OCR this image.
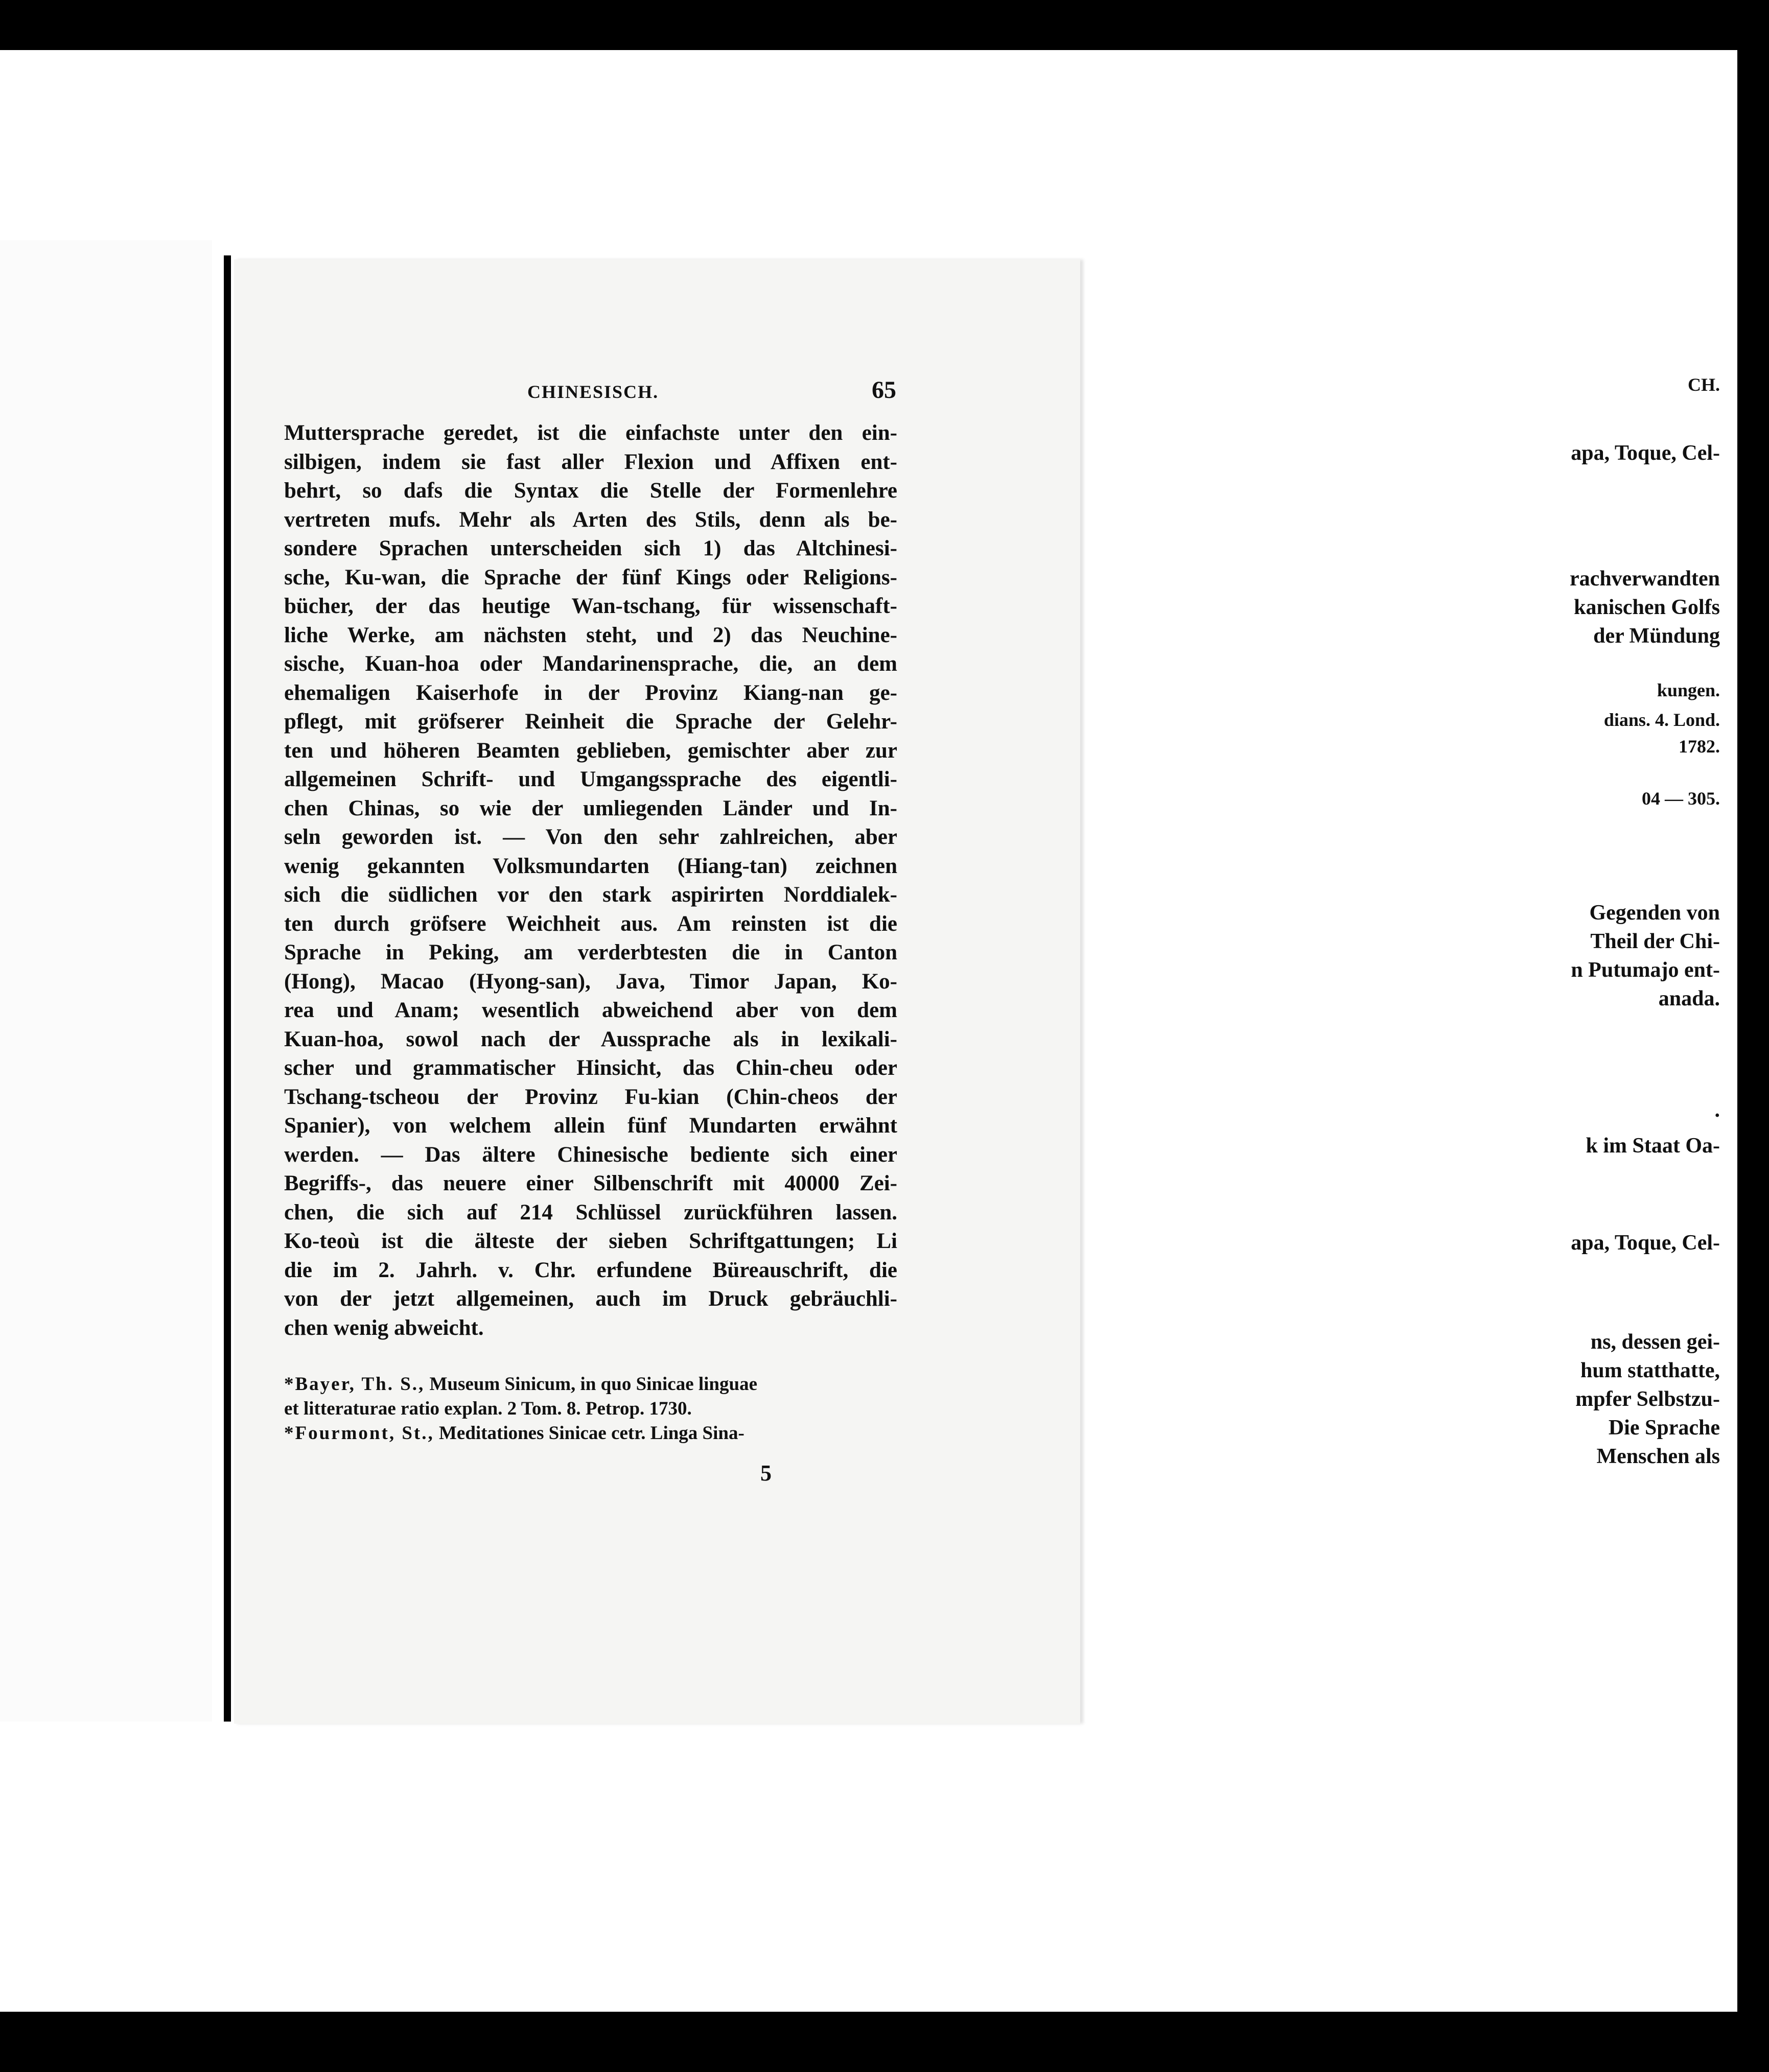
CH.
apa, Toque, Cel-
rachverwandten
kanischen Golfs
der Mündung
kungen.
dians. 4. Lond.
1782.
04 — 305.
Gegenden von
Theil der Chi-
n Putumajo ent-
anada.
.
k im Staat Oa-
apa, Toque, Cel-
ns, dessen gei-
hum statthatte,
mpfer Selbstzu-
Die Sprache
Menschen als
CHINESISCH.	65
Muttersprache geredet, ist die einfachste unter den ein-
silbigen, indem sie fast aller Flexion und Affixen ent-
behrt, so dafs die Syntax die Stelle der Formenlehre
vertreten mufs. Mehr als Arten des Stils, denn als be-
sondere Sprachen unterscheiden sich 1) das Altchinesi-
sche, Ku-wan, die Sprache der fünf Kings oder Religions-
bücher, der das heutige Wan-tschang, für wissenschaft-
liche Werke, am nächsten steht, und 2) das Neuchine-
sische, Kuan-hoa oder Mandarinensprache, die, an dem
ehemaligen Kaiserhofe in der Provinz Kiang-nan ge-
pflegt, mit gröfserer Reinheit die Sprache der Gelehr-
ten und höheren Beamten geblieben, gemischter aber zur
allgemeinen Schrift- und Umgangssprache des eigentli-
chen Chinas, so wie der umliegenden Länder und In-
seln geworden ist. — Von den sehr zahlreichen, aber
wenig gekannten Volksmundarten (Hiang-tan) zeichnen
sich die südlichen vor den stark aspirirten Norddialek-
ten durch gröfsere Weichheit aus. Am reinsten ist die
Sprache in Peking, am verderbtesten die in Canton
(Hong), Macao (Hyong-san), Java, Timor Japan, Ko-
rea und Anam; wesentlich abweichend aber von dem
Kuan-hoa, sowol nach der Aussprache als in lexikali-
scher und grammatischer Hinsicht, das Chin-cheu oder
Tschang-tscheou der Provinz Fu-kian (Chin-cheos der
Spanier), von welchem allein fünf Mundarten erwähnt
werden. — Das ältere Chinesische bediente sich einer
Begriffs-, das neuere einer Silbenschrift mit 40000 Zei-
chen, die sich auf 214 Schlüssel zurückführen lassen.
Ko-teoù ist die älteste der sieben Schriftgattungen; Li
die im 2. Jahrh. v. Chr. erfundene Büreauschrift, die
von der jetzt allgemeinen, auch im Druck gebräuchli-
chen wenig abweicht.
*Bayer, Th. S., Museum Sinicum, in quo Sinicae linguae
et litteraturae ratio explan. 2 Tom. 8. Petrop. 1730.
*Fourmont, St., Meditationes Sinicae cetr. Linga Sina-
5
